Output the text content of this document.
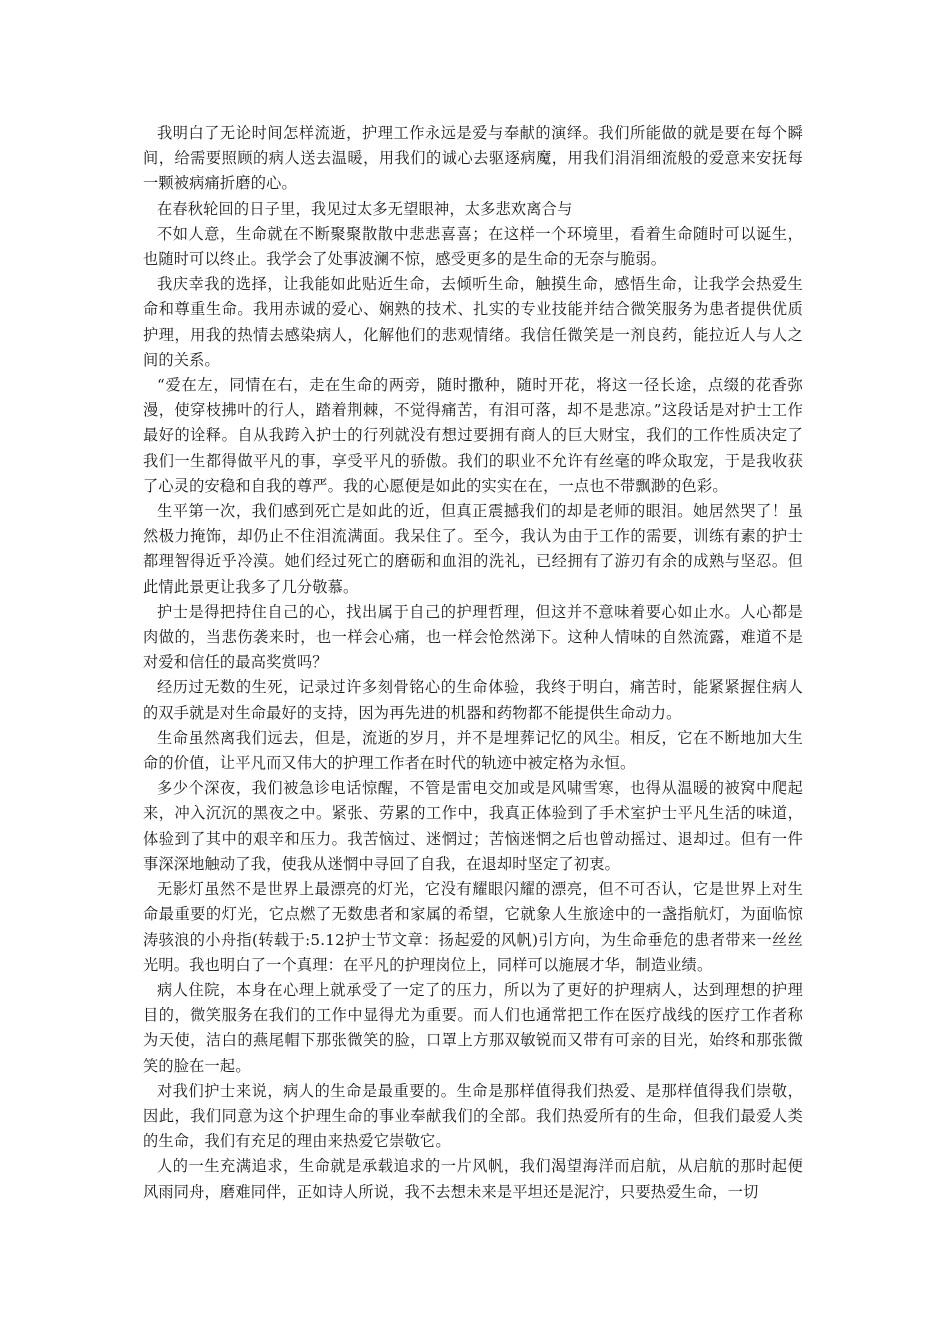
我明白了无论时间怎样流逝，护理工作永远是爱与奉献的演绎。我们所能做的就是要在每个瞬间，给需要照顾的病人送去温暖，用我们的诚心去驱逐病魔，用我们涓涓细流般的爱意来安抚每一颗被病痛折磨的心。

在春秋轮回的日子里，我见过太多无望眼神，太多悲欢离合与

不如人意，生命就在不断聚聚散散中悲悲喜喜；在这样一个环境里，看着生命随时可以诞生，也随时可以终止。我学会了处事波澜不惊，感受更多的是生命的无奈与脆弱。

我庆幸我的选择，让我能如此贴近生命，去倾听生命，触摸生命，感悟生命，让我学会热爱生命和尊重生命。我用赤诚的爱心、娴熟的技术、扎实的专业技能并结合微笑服务为患者提供优质护理，用我的热情去感染病人，化解他们的悲观情绪。我信任微笑是一剂良药，能拉近人与人之间的关系。

“爱在左，同情在右，走在生命的两旁，随时撒种，随时开花，将这一径长途，点缀的花香弥漫，使穿枝拂叶的行人，踏着荆棘，不觉得痛苦，有泪可落，却不是悲凉。”这段话是对护士工作最好的诠释。自从我跨入护士的行列就没有想过要拥有商人的巨大财宝，我们的工作性质决定了我们一生都得做平凡的事，享受平凡的骄傲。我们的职业不允许有丝毫的哗众取宠，于是我收获了心灵的安稳和自我的尊严。我的心愿便是如此的实实在在，一点也不带飘渺的色彩。

生平第一次，我们感到死亡是如此的近，但真正震撼我们的却是老师的眼泪。她居然哭了！虽然极力掩饰，却仍止不住泪流满面。我呆住了。至今，我认为由于工作的需要，训练有素的护士都理智得近乎冷漠。她们经过死亡的磨砺和血泪的洗礼，已经拥有了游刃有余的成熟与坚忍。但此情此景更让我多了几分敬慕。

护士是得把持住自己的心，找出属于自己的护理哲理，但这并不意味着要心如止水。人心都是肉做的，当悲伤袭来时，也一样会心痛，也一样会怆然涕下。这种人情味的自然流露，难道不是对爱和信任的最高奖赏吗？

经历过无数的生死，记录过许多刻骨铭心的生命体验，我终于明白，痛苦时，能紧紧握住病人的双手就是对生命最好的支持，因为再先进的机器和药物都不能提供生命动力。

生命虽然离我们远去，但是，流逝的岁月，并不是埋葬记忆的风尘。相反，它在不断地加大生命的价值，让平凡而又伟大的护理工作者在时代的轨迹中被定格为永恒。

多少个深夜，我们被急诊电话惊醒，不管是雷电交加或是风啸雪寒，也得从温暖的被窝中爬起来，冲入沉沉的黑夜之中。紧张、劳累的工作中，我真正体验到了手术室护士平凡生活的味道，体验到了其中的艰辛和压力。我苦恼过、迷惘过；苦恼迷惘之后也曾动摇过、退却过。但有一件事深深地触动了我，使我从迷惘中寻回了自我，在退却时坚定了初衷。

无影灯虽然不是世界上最漂亮的灯光，它没有耀眼闪耀的漂亮，但不可否认，它是世界上对生命最重要的灯光，它点燃了无数患者和家属的希望，它就象人生旅途中的一盏指航灯，为面临惊涛骇浪的小舟指(转载于:5.12护士节文章：扬起爱的风帆)引方向，为生命垂危的患者带来一丝丝光明。我也明白了一个真理：在平凡的护理岗位上，同样可以施展才华，制造业绩。

病人住院，本身在心理上就承受了一定了的压力，所以为了更好的护理病人，达到理想的护理目的，微笑服务在我们的工作中显得尤为重要。而人们也通常把工作在医疗战线的医疗工作者称为天使，洁白的燕尾帽下那张微笑的脸，口罩上方那双敏锐而又带有可亲的目光，始终和那张微笑的脸在一起。

对我们护士来说，病人的生命是最重要的。生命是那样值得我们热爱、是那样值得我们崇敬，因此，我们同意为这个护理生命的事业奉献我们的全部。我们热爱所有的生命，但我们最爱人类的生命，我们有充足的理由来热爱它崇敬它。

人的一生充满追求，生命就是承载追求的一片风帆，我们渴望海洋而启航，从启航的那时起便风雨同舟，磨难同伴，正如诗人所说，我不去想未来是平坦还是泥泞，只要热爱生命，一切
